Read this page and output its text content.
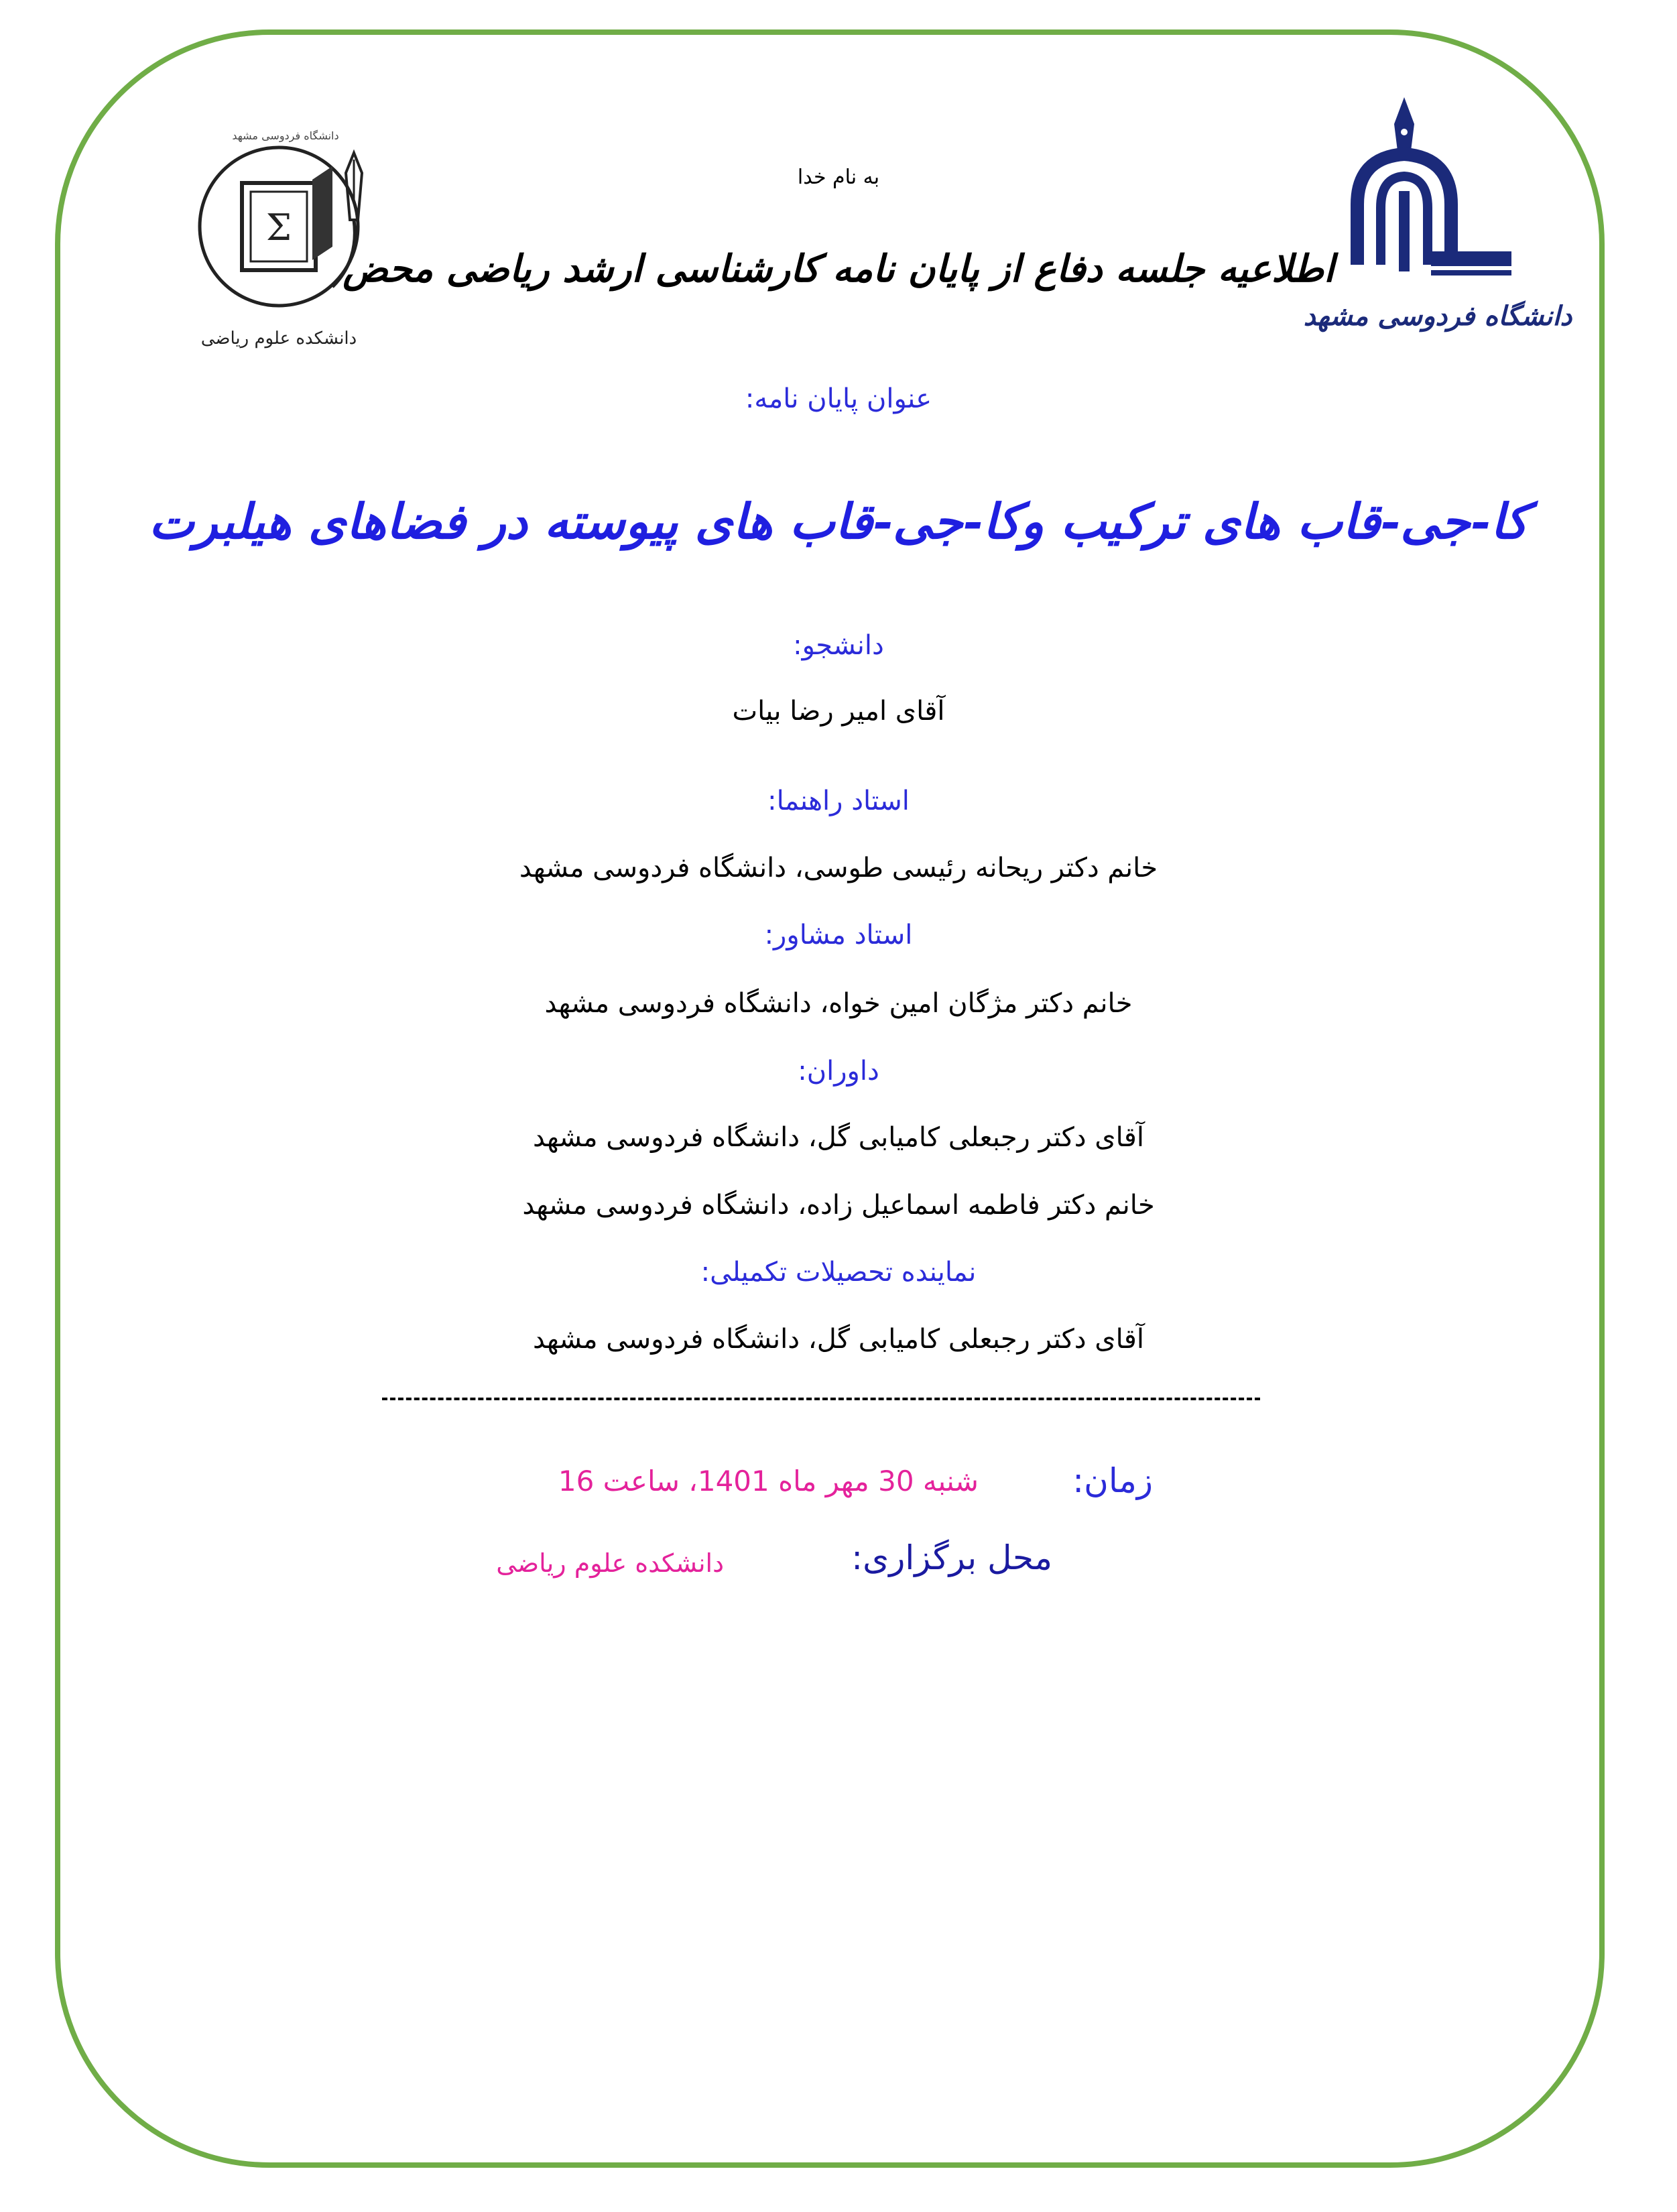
Σ
دانشگاه فردوسی مشهد
دانشکده علوم ریاضی
دانشگاه فردوسی مشهد
به نام خدا
اطلاعیه جلسه دفاع از پایان نامه کارشناسی ارشد ریاضی محض
عنوان پایان نامه:
کا-جی-قاب های ترکیب وکا-جی-قاب های پیوسته در فضاهای هیلبرت
دانشجو:
آقای امیر رضا بیات
استاد راهنما:
خانم دکتر ریحانه رئیسی طوسی، دانشگاه فردوسی مشهد
استاد مشاور:
خانم دکتر مژگان امین خواه، دانشگاه فردوسی مشهد
داوران:
آقای دکتر رجبعلی کامیابی گل، دانشگاه فردوسی مشهد
خانم دکتر فاطمه اسماعیل زاده، دانشگاه فردوسی مشهد
نماینده تحصیلات تکمیلی:
آقای دکتر رجبعلی کامیابی گل، دانشگاه فردوسی مشهد
زمان:
شنبه 30 مهر ماه 1401، ساعت 16
محل برگزاری:
دانشکده علوم ریاضی
